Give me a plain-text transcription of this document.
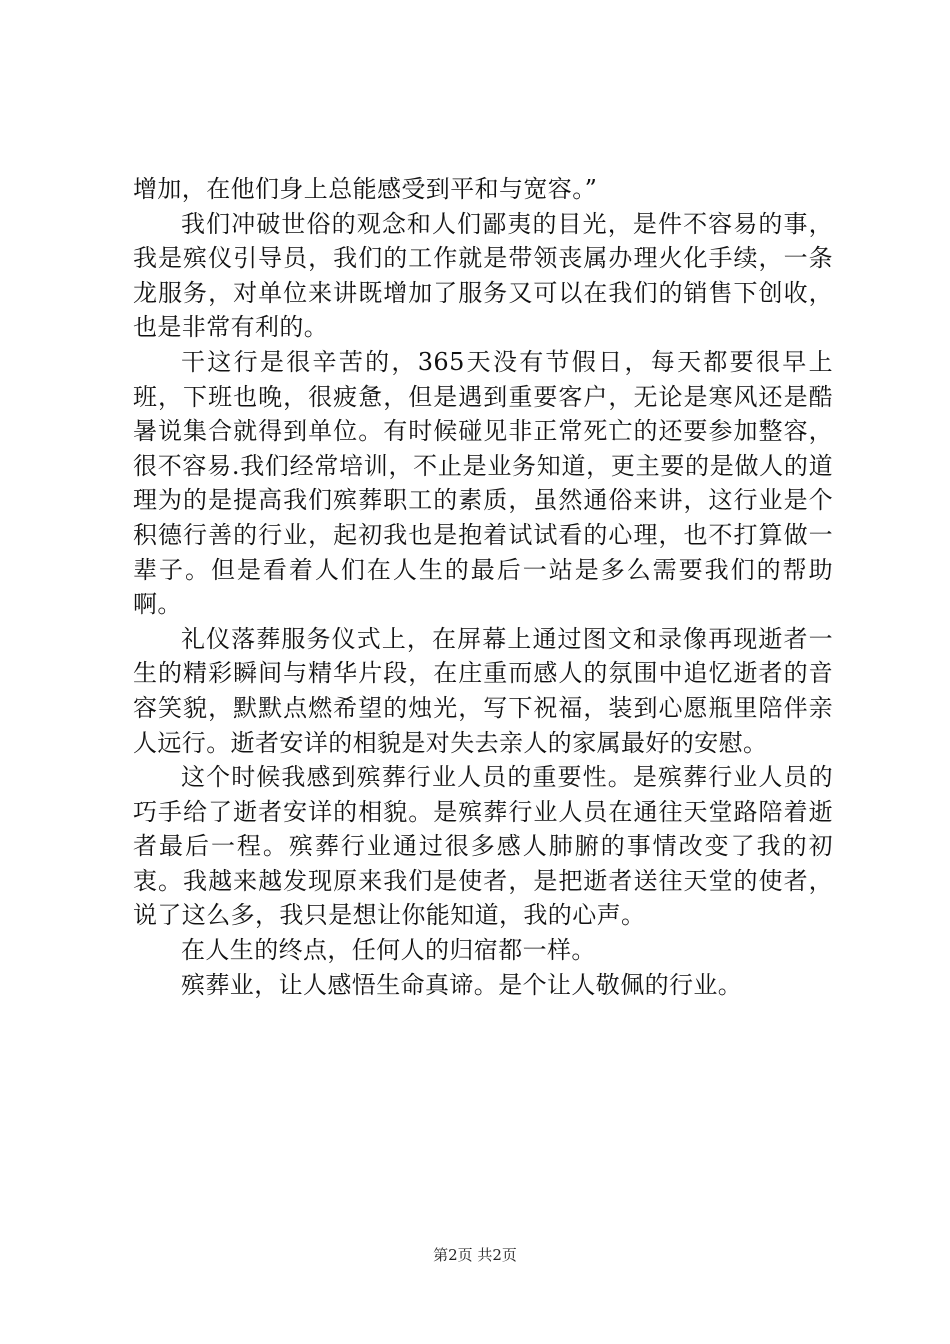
增加，在他们身上总能感受到平和与宽容。”

我们冲破世俗的观念和人们鄙夷的目光，是件不容易的事，我是殡仪引导员，我们的工作就是带领丧属办理火化手续，一条龙服务，对单位来讲既增加了服务又可以在我们的销售下创收，也是非常有利的。

干这行是很辛苦的，365天没有节假日，每天都要很早上班，下班也晚，很疲惫，但是遇到重要客户，无论是寒风还是酷暑说集合就得到单位。有时候碰见非正常死亡的还要参加整容，很不容易.我们经常培训，不止是业务知道，更主要的是做人的道理为的是提高我们殡葬职工的素质，虽然通俗来讲，这行业是个积德行善的行业，起初我也是抱着试试看的心理，也不打算做一辈子。但是看着人们在人生的最后一站是多么需要我们的帮助啊。

礼仪落葬服务仪式上，在屏幕上通过图文和录像再现逝者一生的精彩瞬间与精华片段，在庄重而感人的氛围中追忆逝者的音容笑貌，默默点燃希望的烛光，写下祝福，装到心愿瓶里陪伴亲人远行。逝者安详的相貌是对失去亲人的家属最好的安慰。

这个时候我感到殡葬行业人员的重要性。是殡葬行业人员的巧手给了逝者安详的相貌。是殡葬行业人员在通往天堂路陪着逝者最后一程。殡葬行业通过很多感人肺腑的事情改变了我的初衷。我越来越发现原来我们是使者，是把逝者送往天堂的使者，说了这么多，我只是想让你能知道，我的心声。

在人生的终点，任何人的归宿都一样。

殡葬业，让人感悟生命真谛。是个让人敬佩的行业。

第2页 共2页
